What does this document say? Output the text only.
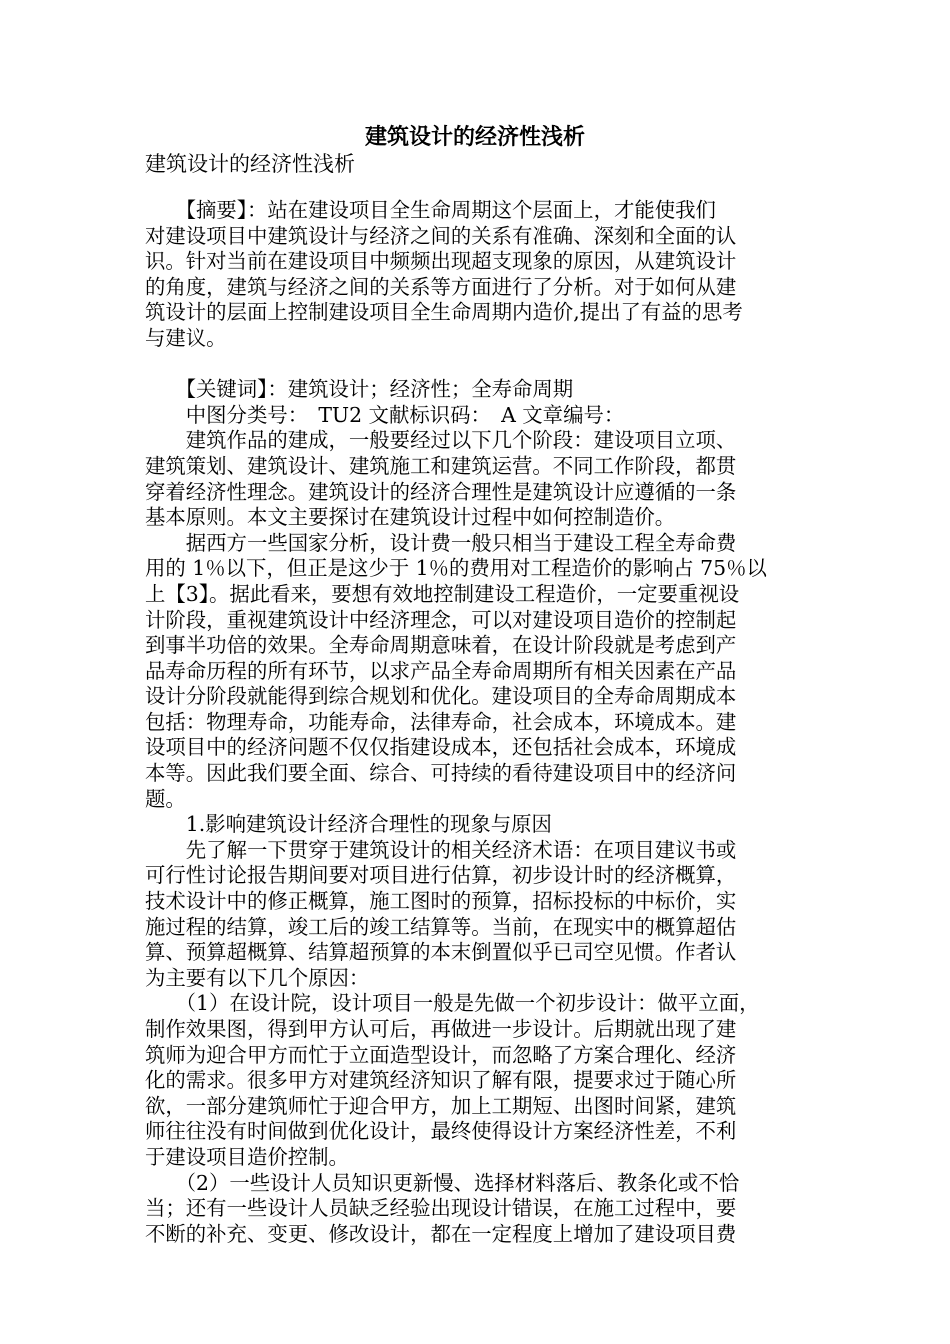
建筑设计的经济性浅析
建筑设计的经济性浅析
　　【摘要】：站在建设项目全生命周期这个层面上，才能使我们
对建设项目中建筑设计与经济之间的关系有准确、深刻和全面的认
识。针对当前在建设项目中频频出现超支现象的原因，从建筑设计
的角度，建筑与经济之间的关系等方面进行了分析。对于如何从建
筑设计的层面上控制建设项目全生命周期内造价,提出了有益的思考
与建议。
　　【关键词】：建筑设计；经济性；全寿命周期
　　中图分类号：　TU2 文献标识码：　A 文章编号：
　　建筑作品的建成，一般要经过以下几个阶段：建设项目立项、
建筑策划、建筑设计、建筑施工和建筑运营。不同工作阶段，都贯
穿着经济性理念。建筑设计的经济合理性是建筑设计应遵循的一条
基本原则。本文主要探讨在建筑设计过程中如何控制造价。
　　据西方一些国家分析，设计费一般只相当于建设工程全寿命费
用的 1％以下，但正是这少于 1％的费用对工程造价的影响占 75％以
上【3】。据此看来，要想有效地控制建设工程造价，一定要重视设
计阶段，重视建筑设计中经济理念，可以对建设项目造价的控制起
到事半功倍的效果。全寿命周期意味着，在设计阶段就是考虑到产
品寿命历程的所有环节，以求产品全寿命周期所有相关因素在产品
设计分阶段就能得到综合规划和优化。建设项目的全寿命周期成本
包括：物理寿命，功能寿命，法律寿命，社会成本，环境成本。建
设项目中的经济问题不仅仅指建设成本，还包括社会成本，环境成
本等。因此我们要全面、综合、可持续的看待建设项目中的经济问
题。
　　1.影响建筑设计经济合理性的现象与原因
　　先了解一下贯穿于建筑设计的相关经济术语：在项目建议书或
可行性讨论报告期间要对项目进行估算，初步设计时的经济概算，
技术设计中的修正概算，施工图时的预算，招标投标的中标价，实
施过程的结算，竣工后的竣工结算等。当前，在现实中的概算超估
算、预算超概算、结算超预算的本末倒置似乎已司空见惯。作者认
为主要有以下几个原因：
　　（1）在设计院，设计项目一般是先做一个初步设计：做平立面，
制作效果图，得到甲方认可后，再做进一步设计。后期就出现了建
筑师为迎合甲方而忙于立面造型设计，而忽略了方案合理化、经济
化的需求。很多甲方对建筑经济知识了解有限，提要求过于随心所
欲，一部分建筑师忙于迎合甲方，加上工期短、出图时间紧，建筑
师往往没有时间做到优化设计，最终使得设计方案经济性差，不利
于建设项目造价控制。
　　（2）一些设计人员知识更新慢、选择材料落后、教条化或不恰
当；还有一些设计人员缺乏经验出现设计错误，在施工过程中，要
不断的补充、变更、修改设计，都在一定程度上增加了建设项目费
